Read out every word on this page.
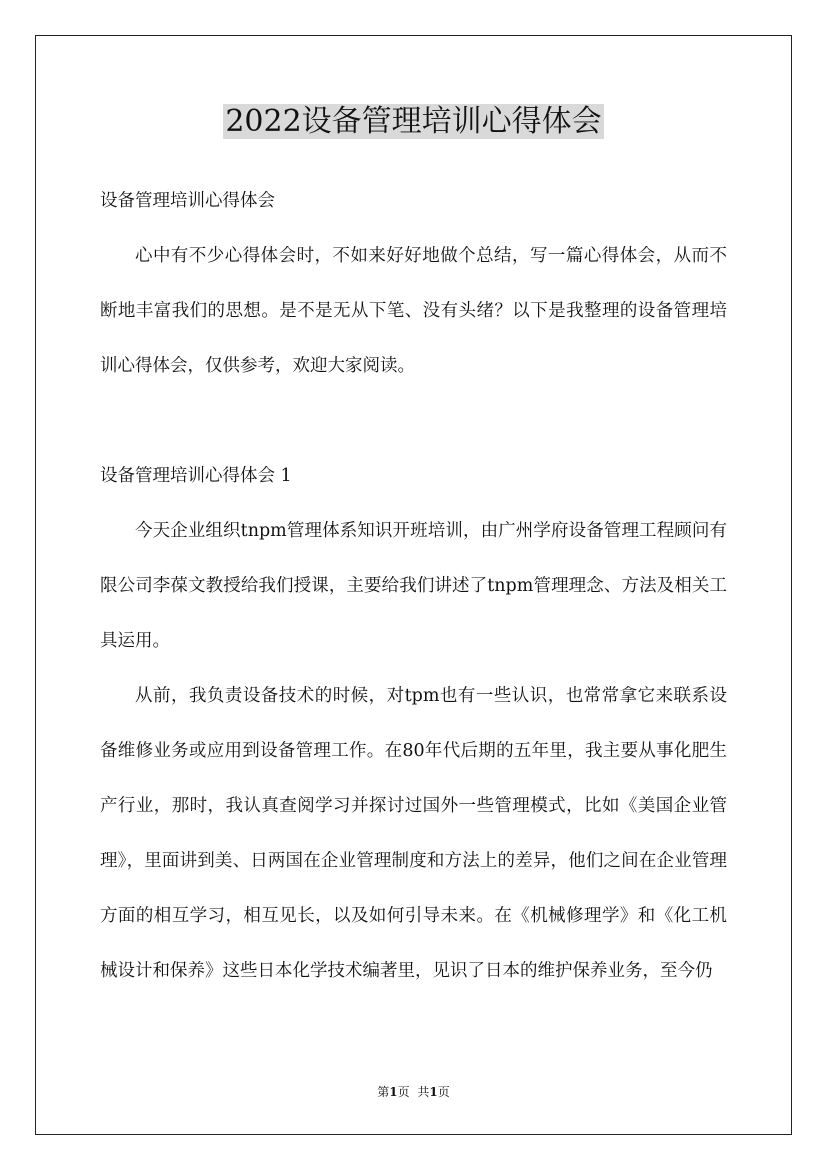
2022设备管理培训心得体会

设备管理培训心得体会

心中有不少心得体会时，不如来好好地做个总结，写一篇心得体会，从而不断地丰富我们的思想。是不是无从下笔、没有头绪？以下是我整理的设备管理培训心得体会，仅供参考，欢迎大家阅读。

设备管理培训心得体会 1

今天企业组织tnpm管理体系知识开班培训，由广州学府设备管理工程顾问有限公司李葆文教授给我们授课，主要给我们讲述了tnpm管理理念、方法及相关工具运用。

从前，我负责设备技术的时候，对tpm也有一些认识，也常常拿它来联系设备维修业务或应用到设备管理工作。在80年代后期的五年里，我主要从事化肥生产行业，那时，我认真查阅学习并探讨过国外一些管理模式，比如《美国企业管理》，里面讲到美、日两国在企业管理制度和方法上的差异，他们之间在企业管理方面的相互学习，相互见长，以及如何引导未来。在《机械修理学》和《化工机械设计和保养》这些日本化学技术编著里，见识了日本的维护保养业务，至今仍

第1页 共1页
